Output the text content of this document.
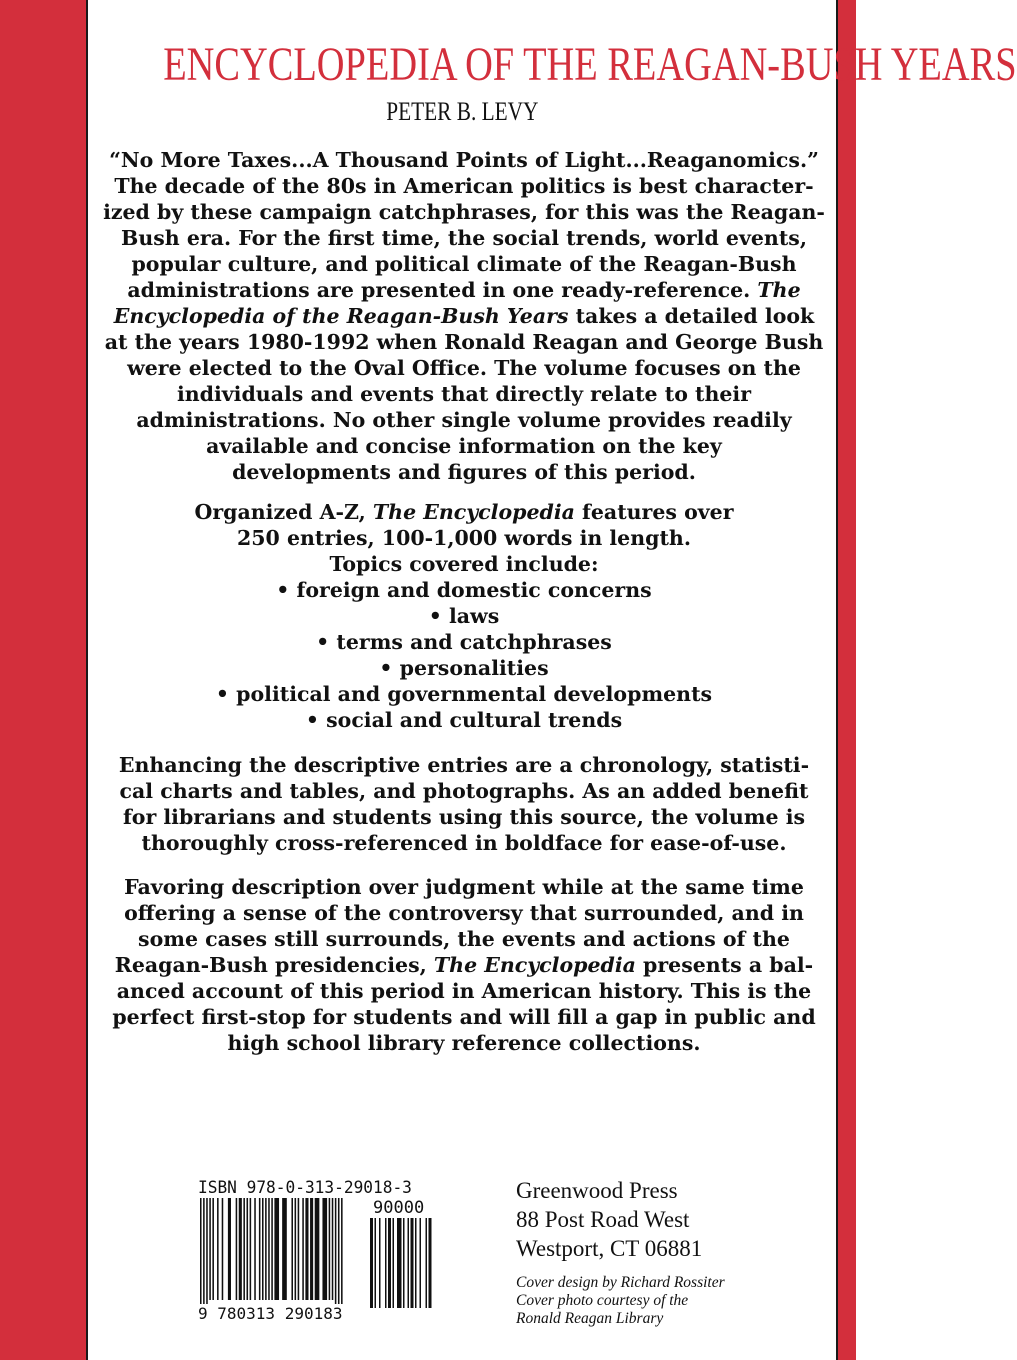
ENCYCLOPEDIA OF THE REAGAN-BUSH YEARS
PETER B. LEVY
“No More Taxes...A Thousand Points of Light...Reaganomics.”
The decade of the 80s in American politics is best character-
ized by these campaign catchphrases, for this was the Reagan-
Bush era. For the first time, the social trends, world events,
popular culture, and political climate of the Reagan-Bush
administrations are presented in one ready-reference. The
Encyclopedia of the Reagan-Bush Years takes a detailed look
at the years 1980-1992 when Ronald Reagan and George Bush
were elected to the Oval Office. The volume focuses on the
individuals and events that directly relate to their
administrations. No other single volume provides readily
available and concise information on the key
developments and figures of this period.
Organized A-Z, The Encyclopedia features over
250 entries, 100-1,000 words in length.
Topics covered include:
• foreign and domestic concerns
• laws
• terms and catchphrases
• personalities
• political and governmental developments
• social and cultural trends
Enhancing the descriptive entries are a chronology, statisti-
cal charts and tables, and photographs. As an added benefit
for librarians and students using this source, the volume is
thoroughly cross-referenced in boldface for ease-of-use.
Favoring description over judgment while at the same time
offering a sense of the controversy that surrounded, and in
some cases still surrounds, the events and actions of the
Reagan-Bush presidencies, The Encyclopedia presents a bal-
anced account of this period in American history. This is the
perfect first-stop for students and will fill a gap in public and
high school library reference collections.
ISBN 978-0-313-29018-3
90000
9 780313 290183
Greenwood Press
88 Post Road West
Westport, CT 06881
Cover design by Richard Rossiter
Cover photo courtesy of the
Ronald Reagan Library
